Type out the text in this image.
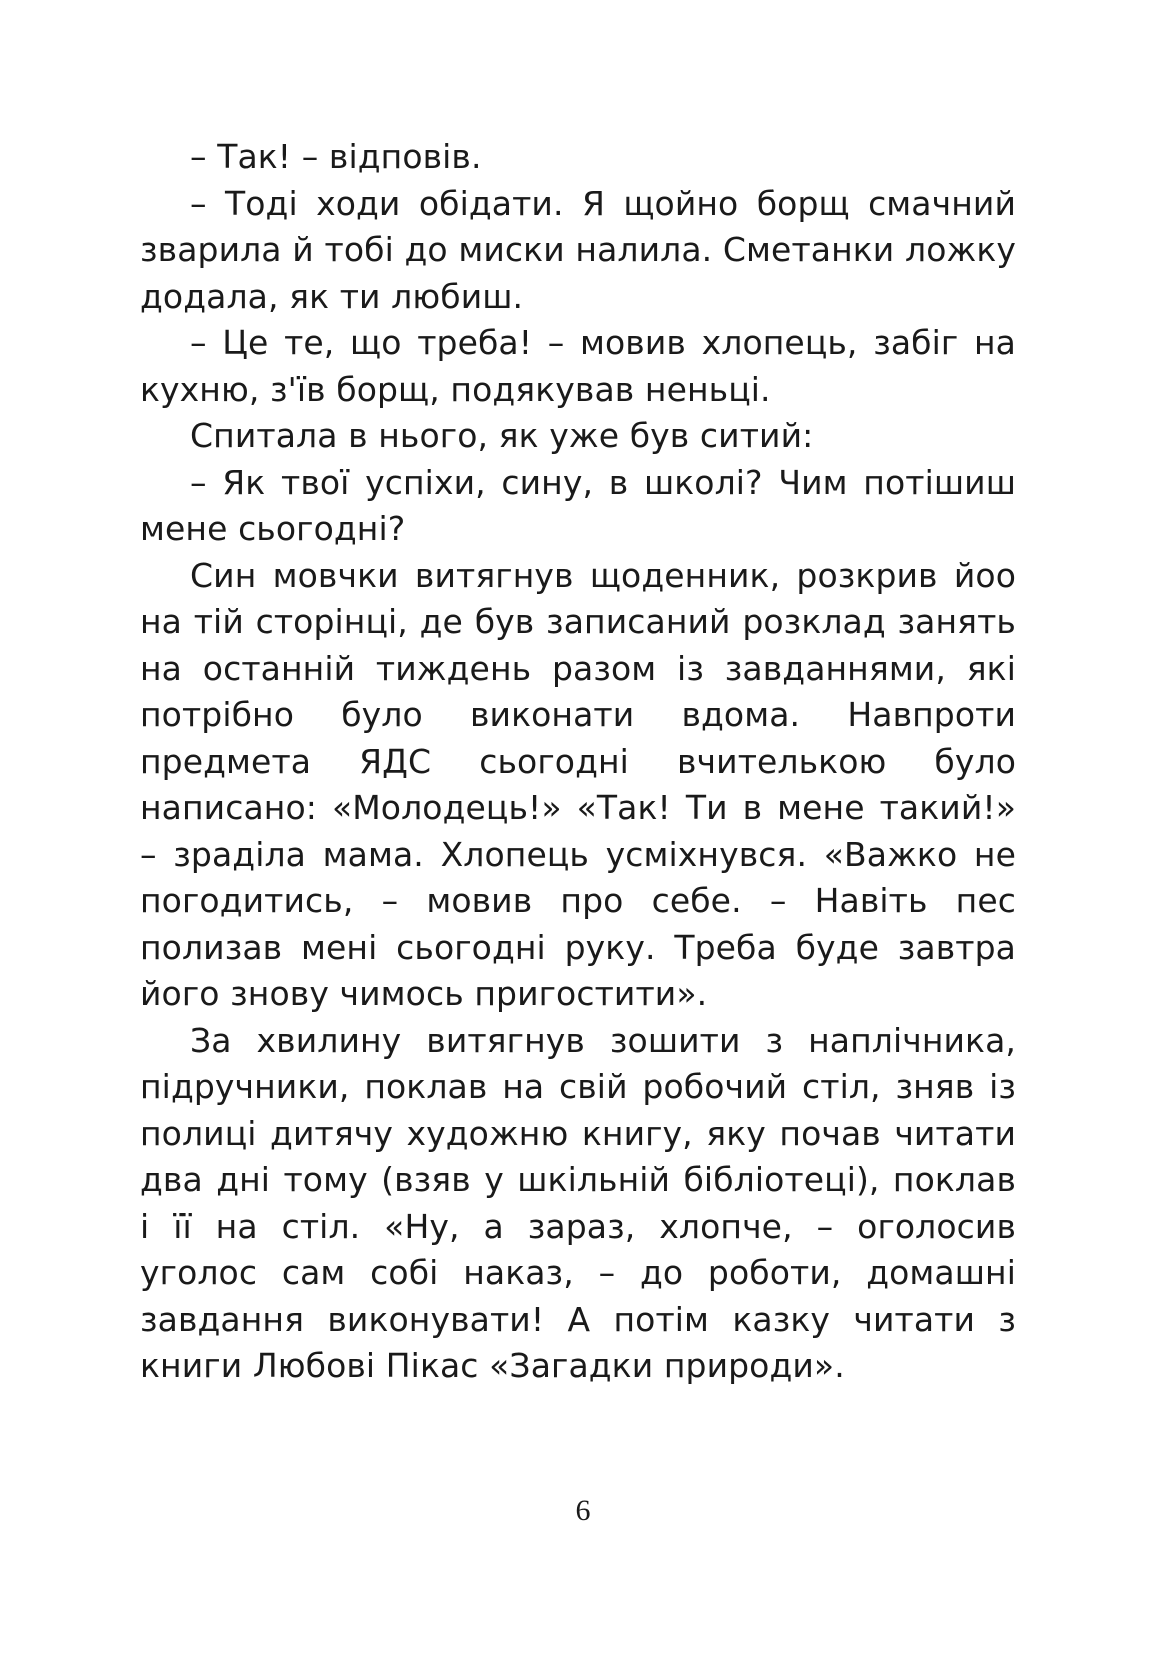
– Так! – відповів.

– Тоді ходи обідати. Я щойно борщ смачний зварила й тобі до миски налила. Сметанки ложку додала, як ти любиш.

– Це те, що треба! – мовив хлопець, забіг на кухню, з'їв борщ, подякував неньці.

Спитала в нього, як уже був ситий:

– Як твої успіхи, сину, в школі? Чим потішиш мене сьогодні?

Син мовчки витягнув щоденник, розкрив йоо на тій сторінці, де був записаний розклад занять на останній тиждень разом із завданнями, які потрібно було виконати вдома. Навпроти предмета ЯДС сьогодні вчителькою було написано: «Молодець!» «Так! Ти в мене такий!» – зраділа мама. Хлопець усміхнувся. «Важко не погодитись, – мовив про себе. – Навіть пес полизав мені сьогодні руку. Треба буде завтра його знову чимось пригостити».

За хвилину витягнув зошити з наплічника, підручники, поклав на свій робочий стіл, зняв із полиці дитячу художню книгу, яку почав читати два дні тому (взяв у шкільній бібліотеці), поклав і її на стіл. «Ну, а зараз, хлопче, – оголосив уголос сам собі наказ, – до роботи, домашні завдання виконувати! А потім казку читати з книги Любові Пікас «Загадки природи».

6
